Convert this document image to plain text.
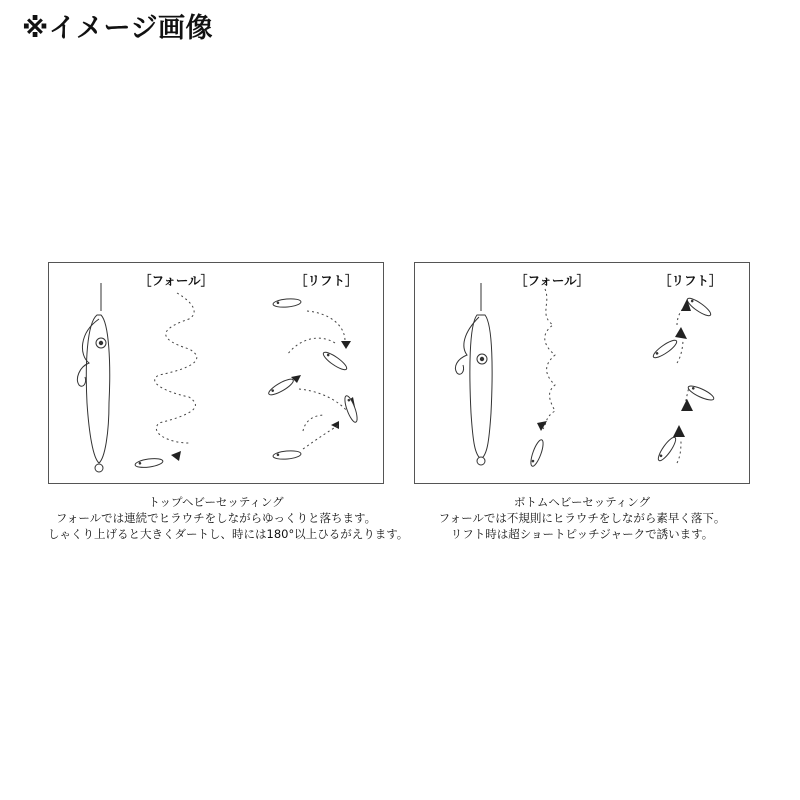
※イメージ画像
［フォール］	［リフト］
トップヘビーセッティング
フォールでは連続でヒラウチをしながらゆっくりと落ちます。
しゃくり上げると大きくダートし、時には180°以上ひるがえります。
［フォール］	［リフト］
ボトムヘビーセッティング
フォールでは不規則にヒラウチをしながら素早く落下。
リフト時は超ショートピッチジャークで誘います。
